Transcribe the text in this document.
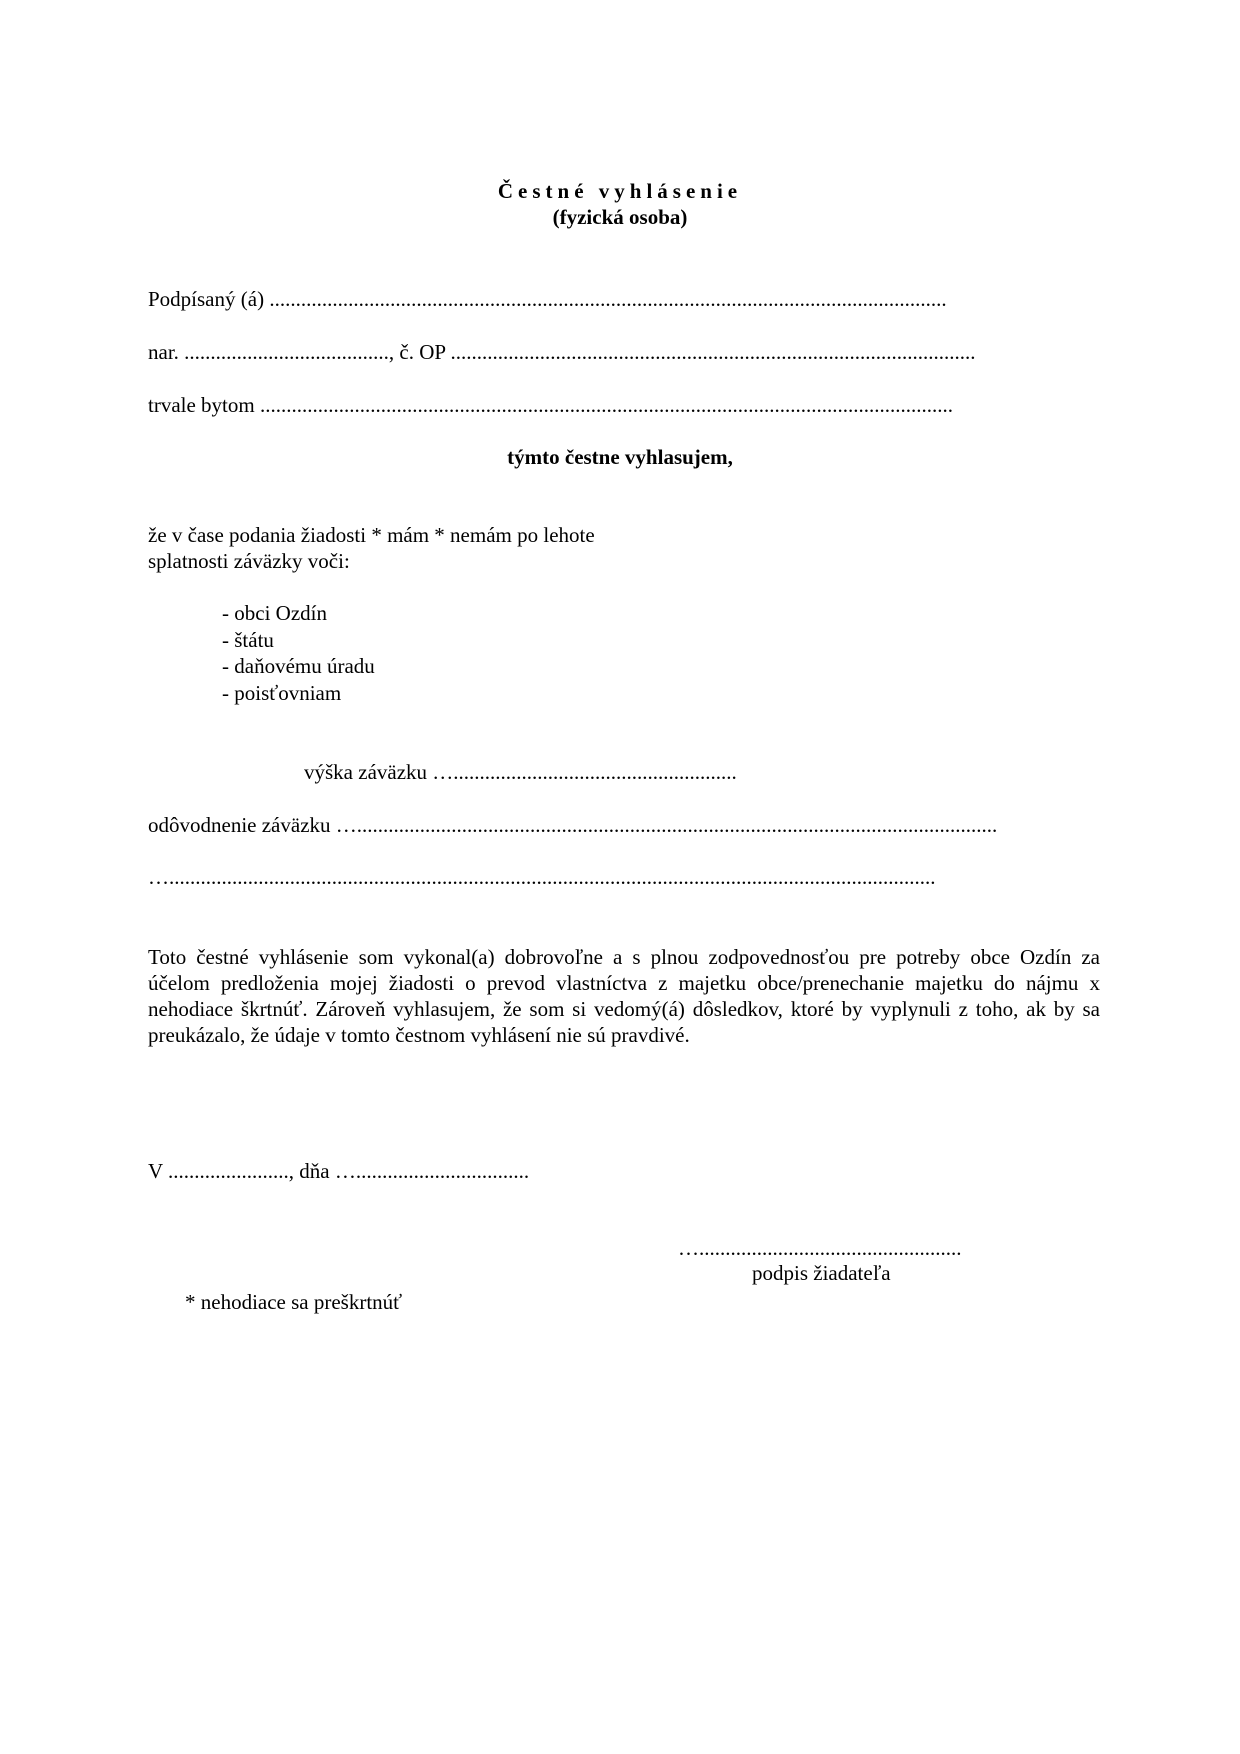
Čestné vyhlásenie
(fyzická osoba)
Podpísaný (á) .................................................................................................................................
nar. ......................................., č. OP ....................................................................................................
trvale bytom ....................................................................................................................................
týmto čestne vyhlasujem,
že v čase podania žiadosti * mám * nemám po lehote
splatnosti záväzky voči:
- obci Ozdín
- štátu
- daňovému úradu
- poisťovniam
výška záväzku …......................................................
odôvodnenie záväzku …..........................................................................................................................
…..................................................................................................................................................
Toto čestné vyhlásenie som vykonal(a) dobrovoľne a s plnou zodpovednosťou pre potreby obce Ozdín za účelom predloženia mojej žiadosti o prevod vlastníctva z majetku obce/prenechanie majetku do nájmu x nehodiace škrtnúť. Zároveň vyhlasujem, že som si vedomý(á) dôsledkov, ktoré by vyplynuli z toho, ak by sa preukázalo, že údaje v tomto čestnom vyhlásení nie sú pravdivé.
V ......................., dňa ….................................
…..................................................
podpis žiadateľa
* nehodiace sa preškrtnúť
